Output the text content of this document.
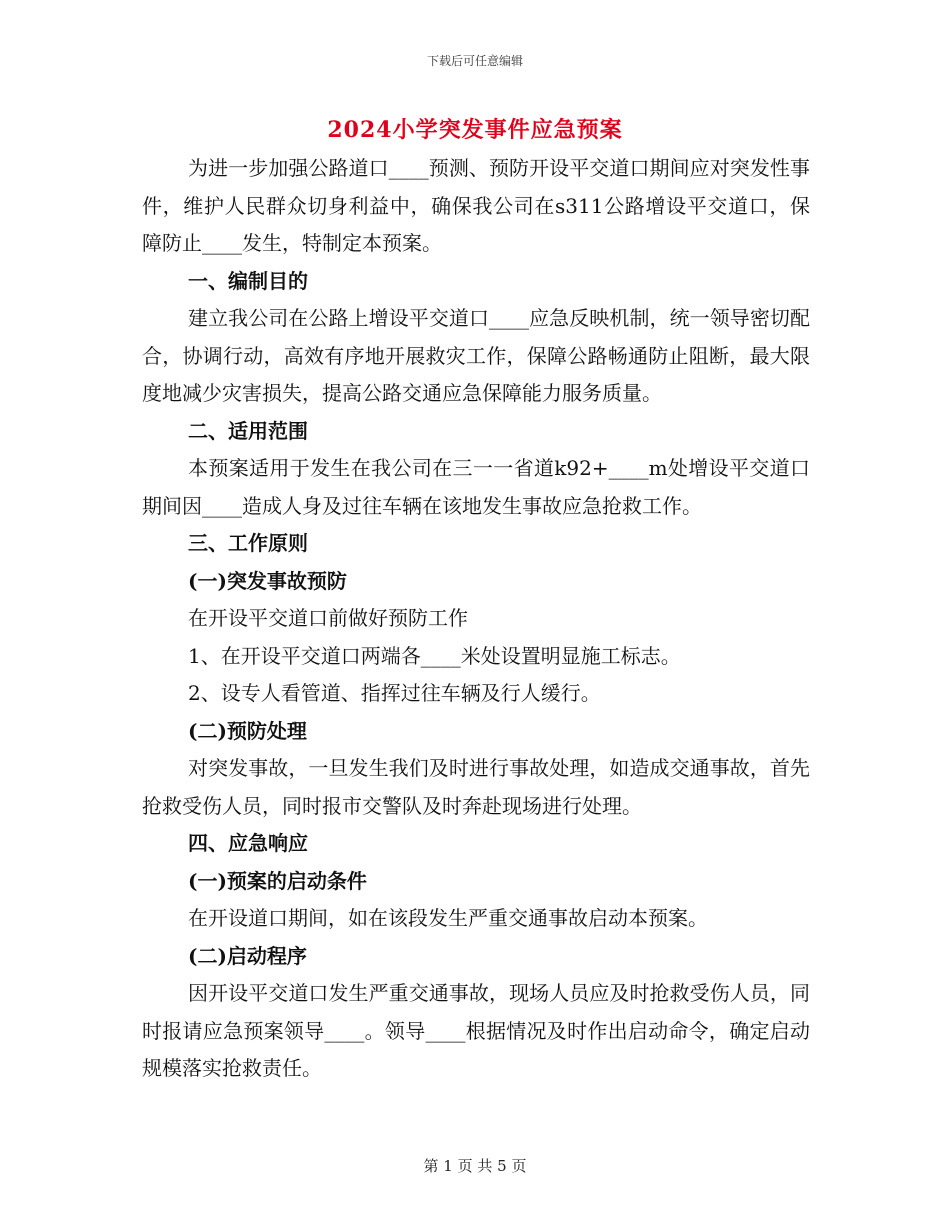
下载后可任意编辑
2024小学突发事件应急预案

为进一步加强公路道口____预测、预防开设平交道口期间应对突发性事件，维护人民群众切身利益中，确保我公司在s311公路增设平交道口，保障防止____发生，特制定本预案。

一、编制目的

建立我公司在公路上增设平交道口____应急反映机制，统一领导密切配合，协调行动，高效有序地开展救灾工作，保障公路畅通防止阻断，最大限度地减少灾害损失，提高公路交通应急保障能力服务质量。

二、适用范围

本预案适用于发生在我公司在三一一省道k92+____m处增设平交道口期间因____造成人身及过往车辆在该地发生事故应急抢救工作。

三、工作原则

(一)突发事故预防

在开设平交道口前做好预防工作

1、在开设平交道口两端各____米处设置明显施工标志。

2、设专人看管道、指挥过往车辆及行人缓行。

(二)预防处理

对突发事故，一旦发生我们及时进行事故处理，如造成交通事故，首先抢救受伤人员，同时报市交警队及时奔赴现场进行处理。

四、应急响应

(一)预案的启动条件

在开设道口期间，如在该段发生严重交通事故启动本预案。

(二)启动程序

因开设平交道口发生严重交通事故，现场人员应及时抢救受伤人员，同时报请应急预案领导____。领导____根据情况及时作出启动命令，确定启动规模落实抢救责任。

第 1 页 共 5 页
